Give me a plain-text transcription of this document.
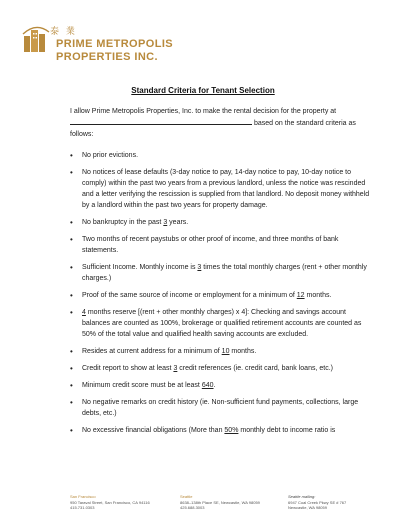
泰 業
PRIME METROPOLIS
PROPERTIES INC.
Standard Criteria for Tenant Selection

I allow Prime Metropolis Properties, Inc. to make the rental decision for the property at
based on the standard criteria as follows:

• No prior evictions.
• No notices of lease defaults (3-day notice to pay, 14-day notice to pay, 10-day notice to comply) within the past two years from a previous landlord, unless the notice was rescinded and a letter verifying the rescission is supplied from that landlord. No deposit money withheld by a landlord within the past two years for property damage.
• No bankruptcy in the past 3 years.
• Two months of recent paystubs or other proof of income, and three months of bank statements.
• Sufficient Income. Monthly income is 3 times the total monthly charges (rent + other monthly charges.)
• Proof of the same source of income or employment for a minimum of 12 months.
• 4 months reserve [(rent + other monthly charges) x 4]: Checking and savings account balances are counted as 100%, brokerage or qualified retirement accounts are counted as 50% of the total value and qualified health saving accounts are excluded.
• Resides at current address for a minimum of 10 months.
• Credit report to show at least 3 credit references (ie. credit card, bank loans, etc.)
• Minimum credit score must be at least 640.
• No negative remarks on credit history (ie. Non-sufficient fund payments, collections, large debts, etc.)
• No excessive financial obligations (More than 50% monthly debt to income ratio is
San Francisco
950 Taraval Street, San Francisco, CA 94116
415.731.0303
Seattle
8638–138th Place SE, Newcastle, WA 98059
425.688.3003
Seattle mailing:
6947 Coal Creek Pkwy SE # 767
Newcastle, WA 98059
